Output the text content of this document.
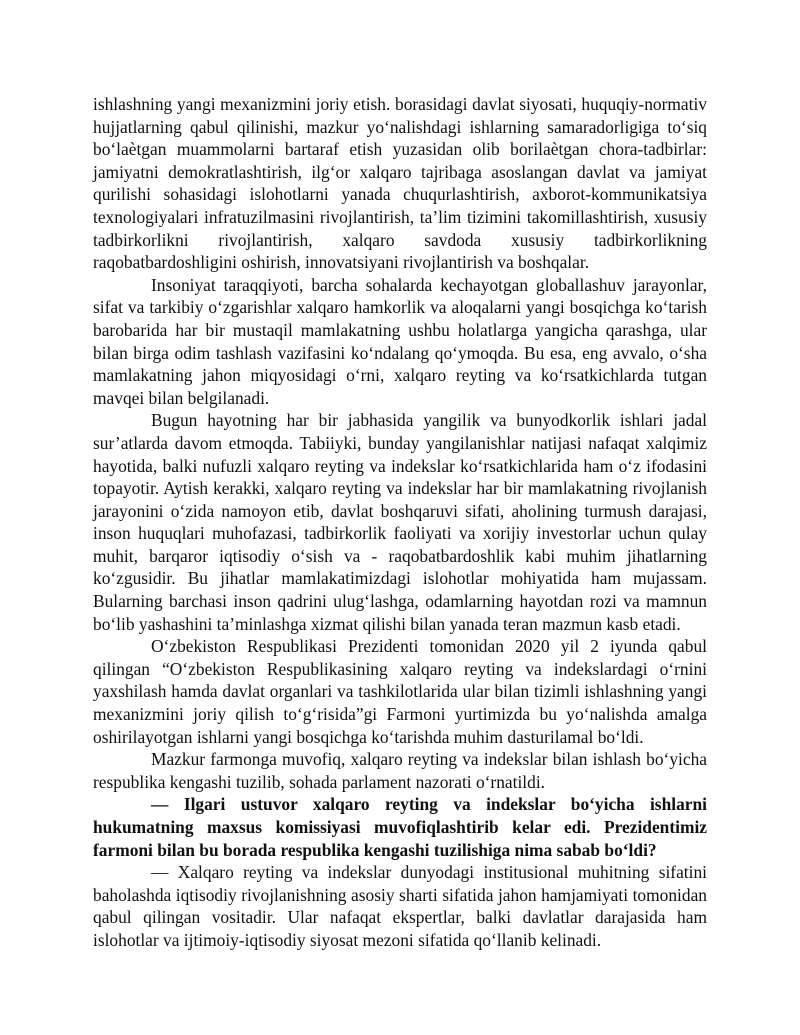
ishlashning yangi mexanizmini joriy etish. borasidagi davlat siyosati, huquqiy-normativ hujjatlarning qabul qilinishi, mazkur yo‘nalishdagi ishlarning samaradorligiga to‘siq bo‘laètgan muammolarni bartaraf etish yuzasidan olib borilaètgan chora-tadbirlar: jamiyatni demokratlashtirish, ilg‘or xalqaro tajribaga asoslangan davlat va jamiyat qurilishi sohasidagi islohotlarni yanada chuqurlashtirish, axborot-kommunikatsiya texnologiyalari infratuzilmasini rivojlantirish, ta’lim tizimini takomillashtirish, xususiy tadbirkorlikni rivojlantirish, xalqaro savdoda xususiy tadbirkorlikning raqobatbardoshligini oshirish, innovatsiyani rivojlantirish va boshqalar.

Insoniyat taraqqiyoti, barcha sohalarda kechayotgan globallashuv jarayonlar, sifat va tarkibiy o‘zgarishlar xalqaro hamkorlik va aloqalarni yangi bosqichga ko‘tarish barobarida har bir mustaqil mamlakatning ushbu holatlarga yangicha qarashga, ular bilan birga odim tashlash vazifasini ko‘ndalang qo‘ymoqda. Bu esa, eng avvalo, o‘sha mamlakatning jahon miqyosidagi o‘rni, xalqaro reyting va ko‘rsatkichlarda tutgan mavqei bilan belgilanadi.

Bugun hayotning har bir jabhasida yangilik va bunyodkorlik ishlari jadal sur’atlarda davom etmoqda. Tabiiyki, bunday yangilanishlar natijasi nafaqat xalqimiz hayotida, balki nufuzli xalqaro reyting va indekslar ko‘rsatkichlarida ham o‘z ifodasini topayotir. Aytish kerakki, xalqaro reyting va indekslar har bir mamlakatning rivojlanish jarayonini o‘zida namoyon etib, davlat boshqaruvi sifati, aholining turmush darajasi, inson huquqlari muhofazasi, tadbirkorlik faoliyati va xorijiy investorlar uchun qulay muhit, barqaror iqtisodiy o‘sish va - raqobatbardoshlik kabi muhim jihatlarning ko‘zgusidir. Bu jihatlar mamlakatimizdagi islohotlar mohiyatida ham mujassam. Bularning barchasi inson qadrini ulug‘lashga, odamlarning hayotdan rozi va mamnun bo‘lib yashashini ta’minlashga xizmat qilishi bilan yanada teran mazmun kasb etadi.

O‘zbekiston Respublikasi Prezidenti tomonidan 2020 yil 2 iyunda qabul qilingan “O‘zbekiston Respublikasining xalqaro reyting va indekslardagi o‘rnini yaxshilash hamda davlat organlari va tashkilotlarida ular bilan tizimli ishlashning yangi mexanizmini joriy qilish to‘g‘risida”gi Farmoni yurtimizda bu yo‘nalishda amalga oshirilayotgan ishlarni yangi bosqichga ko‘tarishda muhim dasturilamal bo‘ldi.

Mazkur farmonga muvofiq, xalqaro reyting va indekslar bilan ishlash bo‘yicha respublika kengashi tuzilib, sohada parlament nazorati o‘rnatildi.

— Ilgari ustuvor xalqaro reyting va indekslar bo‘yicha ishlarni hukumatning maxsus komissiyasi muvofiqlashtirib kelar edi. Prezidentimiz farmoni bilan bu borada respublika kengashi tuzilishiga nima sabab bo‘ldi?

— Xalqaro reyting va indekslar dunyodagi institusional muhitning sifatini baholashda iqtisodiy rivojlanishning asosiy sharti sifatida jahon hamjamiyati tomonidan qabul qilingan vositadir. Ular nafaqat ekspertlar, balki davlatlar darajasida ham islohotlar va ijtimoiy-iqtisodiy siyosat mezoni sifatida qo‘llanib kelinadi.
